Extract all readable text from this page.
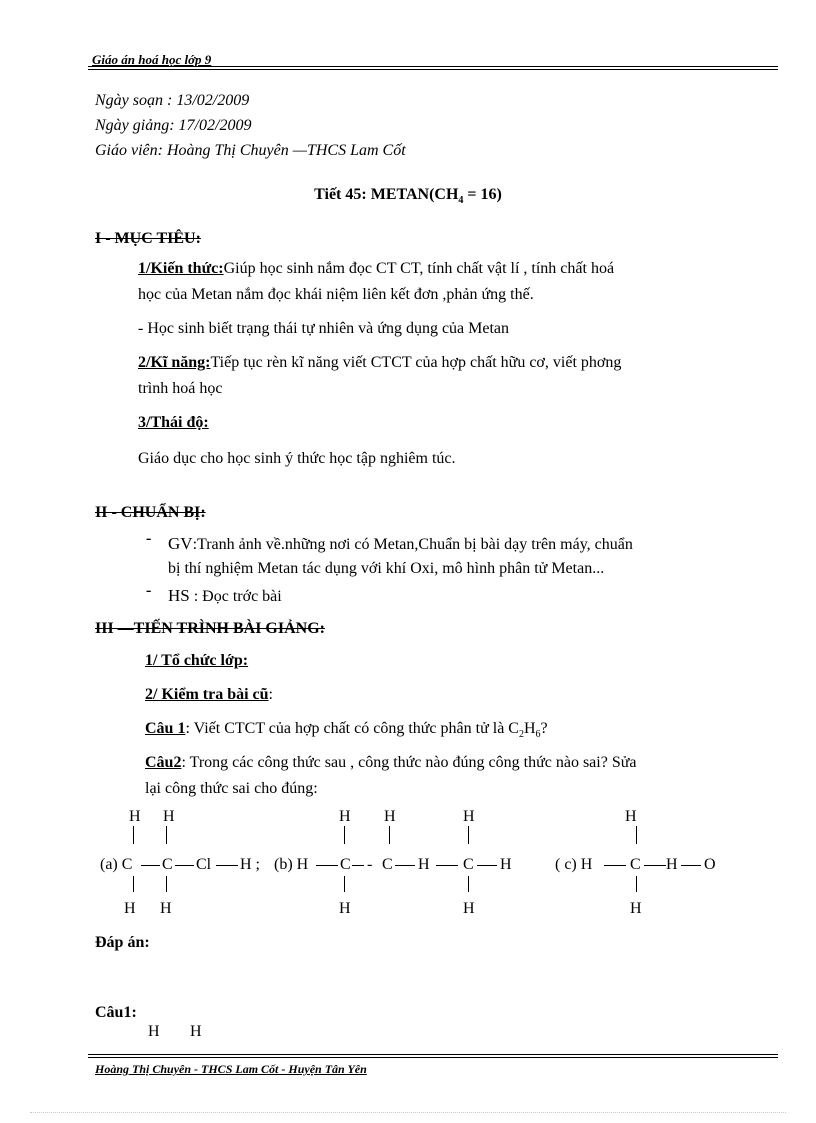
Giáo án hoá học lớp 9
Ngày soạn : 13/02/2009
Ngày giảng: 17/02/2009
Giáo viên: Hoàng Thị Chuyên —THCS Lam Cốt
Tiết 45: $METAN(CH_4 = 16)$
I - MỤC TIÊU:
1/Kiến thức:Giúp học sinh nắm đọc CT CT, tính chất vật lí , tính chất hoá
học của Metan nắm đọc khái niệm liên kết đơn ,phản ứng thế.
- Học sinh biết trạng thái tự nhiên và ứng dụng của Metan
2/Kĩ năng:Tiếp tục rèn kĩ năng viết CTCT của hợp chất hữu cơ, viết phơng
trình hoá học
3/Thái độ:
Giáo dục cho học sinh ý thức học tập nghiêm túc.
II - CHUẨN BỊ:
- GV:Tranh ảnh về.những nơi có Metan,Chuẩn bị bài dạy trên máy, chuẩn
bị thí nghiệm Metan tác dụng với khí Oxi, mô hình phân tử Metan...
- HS : Đọc trớc bài
III —TIẾN TRÌNH BÀI GIẢNG:
1/ Tổ chức lớp:
2/ Kiểm tra bài cũ:
Câu 1: Viết CTCT của hợp chất có công thức phân tử là $C_2H_6$?
Câu2: Trong các công thức sau , công thức nào đúng công thức nào sai? Sửa
lại công thức sai cho đúng:
H H
(a) C C Cl H ;
H H
H H	H
(b) H C - C H C H
H	H
H
( c) H C H O
H
Đáp án:
Câu1:
H H
Hoàng Thị Chuyên - THCS Lam Cốt - Huyện Tân Yên
